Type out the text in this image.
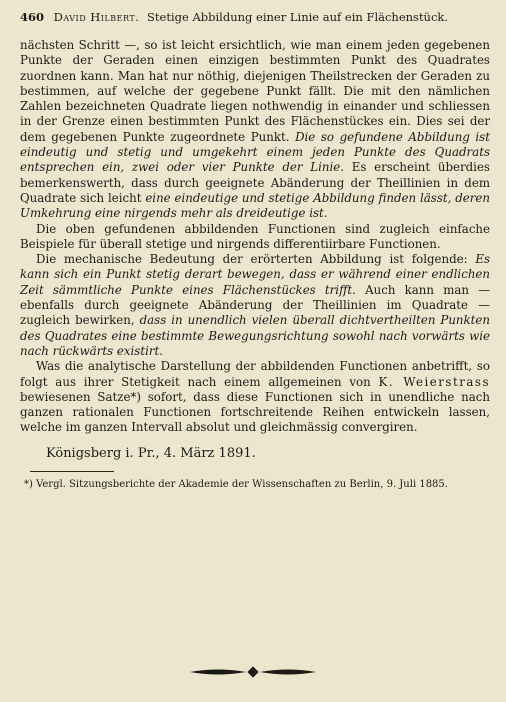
460 David Hilbert. Stetige Abbildung einer Linie auf ein Flächenstück.

nächsten Schritt —, so ist leicht ersichtlich, wie man einem jeden gegebenen Punkte der Geraden einen einzigen bestimmten Punkt des Quadrates zuordnen kann. Man hat nur nöthig, diejenigen Theilstrecken der Geraden zu bestimmen, auf welche der gegebene Punkt fällt. Die mit den nämlichen Zahlen bezeichneten Quadrate liegen nothwendig in einander und schliessen in der Grenze einen bestimmten Punkt des Flächenstückes ein. Dies sei der dem gegebenen Punkte zugeordnete Punkt. Die so gefundene Abbildung ist eindeutig und stetig und umgekehrt einem jeden Punkte des Quadrats entsprechen ein, zwei oder vier Punkte der Linie. Es erscheint überdies bemerkenswerth, dass durch geeignete Abänderung der Theillinien in dem Quadrate sich leicht eine eindeutige und stetige Abbildung finden lässt, deren Umkehrung eine nirgends mehr als dreideutige ist.

Die oben gefundenen abbildenden Functionen sind zugleich einfache Beispiele für überall stetige und nirgends differentiirbare Functionen.

Die mechanische Bedeutung der erörterten Abbildung ist folgende: Es kann sich ein Punkt stetig derart bewegen, dass er während einer endlichen Zeit sämmtliche Punkte eines Flächenstückes trifft. Auch kann man — ebenfalls durch geeignete Abänderung der Theillinien im Quadrate — zugleich bewirken, dass in unendlich vielen überall dichtvertheilten Punkten des Quadrates eine bestimmte Bewegungsrichtung sowohl nach vorwärts wie nach rückwärts existirt.

Was die analytische Darstellung der abbildenden Functionen anbetrifft, so folgt aus ihrer Stetigkeit nach einem allgemeinen von K. Weierstrass bewiesenen Satze*) sofort, dass diese Functionen sich in unendliche nach ganzen rationalen Functionen fortschreitende Reihen entwickeln lassen, welche im ganzen Intervall absolut und gleichmässig convergiren.

Königsberg i. Pr., 4. März 1891.
*) Vergl. Sitzungsberichte der Akademie der Wissenschaften zu Berlin, 9. Juli 1885.
